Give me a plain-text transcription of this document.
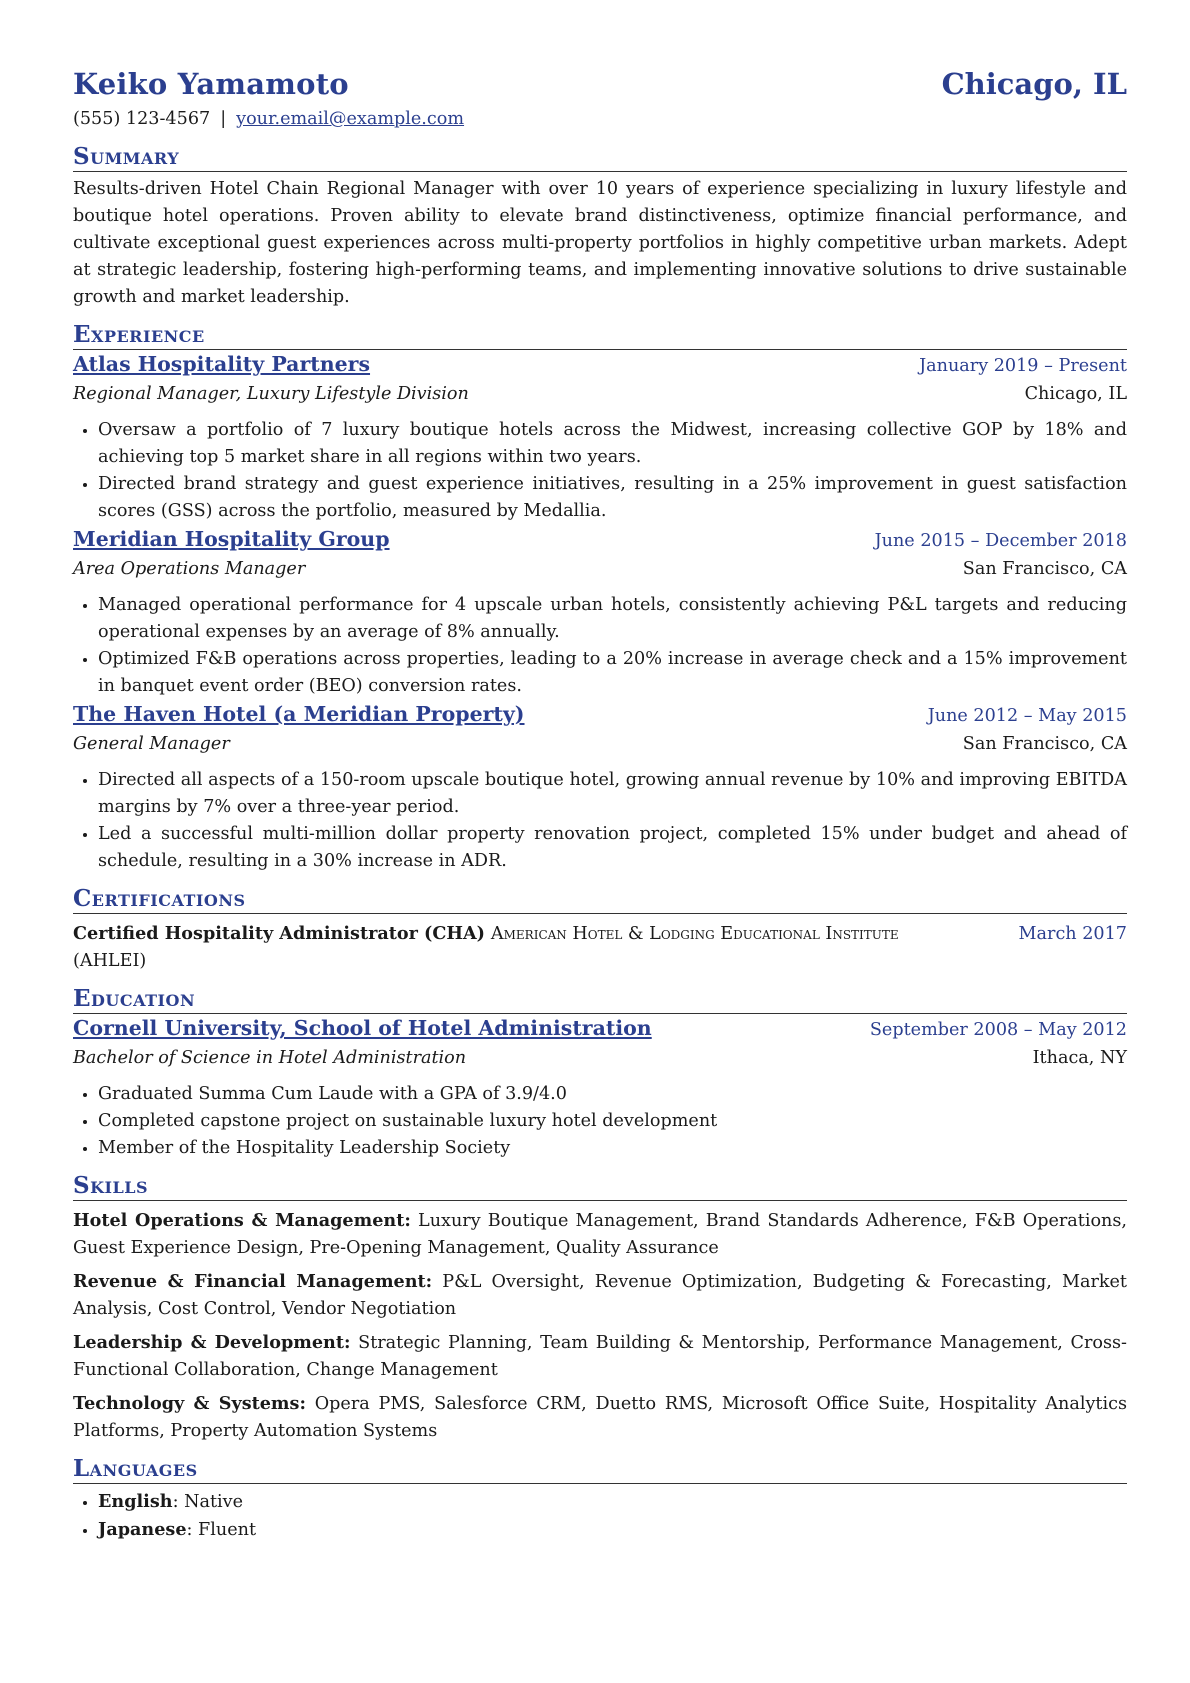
Keiko Yamamoto	Chicago, IL
(555) 123-4567 | your.email@example.com
Summary
Results-driven Hotel Chain Regional Manager with over 10 years of experience specializing in luxury lifestyle and boutique hotel operations. Proven ability to elevate brand distinctiveness, optimize financial performance, and cultivate exceptional guest experiences across multi-property portfolios in highly competitive urban markets. Adept at strategic leadership, fostering high-performing teams, and implementing innovative solutions to drive sustainable growth and market leadership.
Experience
Atlas Hospitality Partners	January 2019 – Present
Regional Manager, Luxury Lifestyle Division	Chicago, IL
• Oversaw a portfolio of 7 luxury boutique hotels across the Midwest, increasing collective GOP by 18% and achieving top 5 market share in all regions within two years.
• Directed brand strategy and guest experience initiatives, resulting in a 25% improvement in guest satisfaction scores (GSS) across the portfolio, measured by Medallia.
Meridian Hospitality Group	June 2015 – December 2018
Area Operations Manager	San Francisco, CA
• Managed operational performance for 4 upscale urban hotels, consistently achieving P&L targets and reducing operational expenses by an average of 8% annually.
• Optimized F&B operations across properties, leading to a 20% increase in average check and a 15% improvement in banquet event order (BEO) conversion rates.
The Haven Hotel (a Meridian Property)	June 2012 – May 2015
General Manager	San Francisco, CA
• Directed all aspects of a 150-room upscale boutique hotel, growing annual revenue by 10% and improving EBITDA margins by 7% over a three-year period.
• Led a successful multi-million dollar property renovation project, completed 15% under budget and ahead of schedule, resulting in a 30% increase in ADR.
Certifications
Certified Hospitality Administrator (CHA) American Hotel & Lodging Educational Institute	March 2017
(AHLEI)
Education
Cornell University, School of Hotel Administration	September 2008 – May 2012
Bachelor of Science in Hotel Administration	Ithaca, NY
• Graduated Summa Cum Laude with a GPA of 3.9/4.0
• Completed capstone project on sustainable luxury hotel development
• Member of the Hospitality Leadership Society
Skills
Hotel Operations & Management: Luxury Boutique Management, Brand Standards Adherence, F&B Operations, Guest Experience Design, Pre-Opening Management, Quality Assurance
Revenue & Financial Management: P&L Oversight, Revenue Optimization, Budgeting & Forecasting, Market Analysis, Cost Control, Vendor Negotiation
Leadership & Development: Strategic Planning, Team Building & Mentorship, Performance Management, Cross-Functional Collaboration, Change Management
Technology & Systems: Opera PMS, Salesforce CRM, Duetto RMS, Microsoft Office Suite, Hospitality Analytics Platforms, Property Automation Systems
Languages
• English: Native
• Japanese: Fluent
